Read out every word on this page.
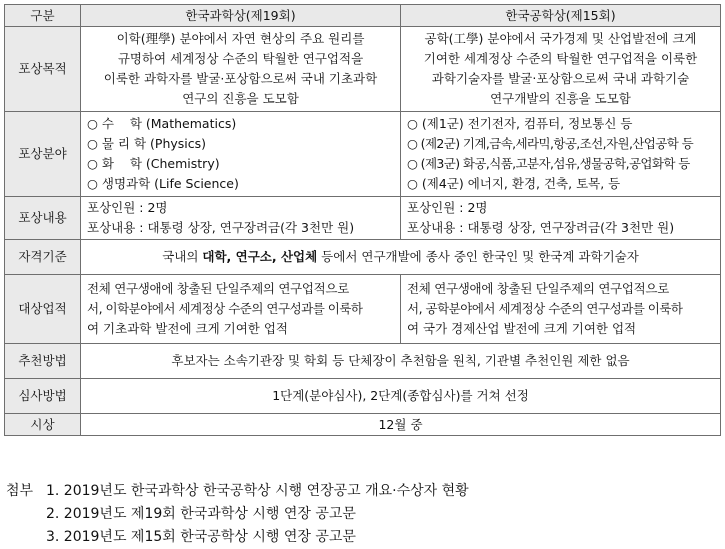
구분	한국과학상(제19회)	한국공학상(제15회)
포상목적	이학(理學) 분야에서 자연 현상의 주요 원리를
규명하여 세계정상 수준의 탁월한 연구업적을
이룩한 과학자를 발굴·포상함으로써 국내 기초과학
연구의 진흥을 도모함	공학(工學) 분야에서 국가경제 및 산업발전에 크게
기여한 세계정상 수준의 탁월한 연구업적을 이룩한
과학기술자를 발굴‧포상함으로써 국내 과학기술
연구개발의 진흥을 도모함

포상분야	○ 수    학 (Mathematics)
○ 물 리 학 (Physics)
○ 화    학 (Chemistry)
○ 생명과학 (Life Science)	○ (제1군) 전기전자, 컴퓨터, 정보통신 등
○ (제2군) 기계,금속,세라믹,항공,조선,자원,산업공학 등
○ (제3군) 화공,식품,고분자,섬유,생물공학,공업화학 등
○ (제4군) 에너지, 환경, 건축, 토목, 등

포상내용	포상인원 : 2명
포상내용 : 대통령 상장, 연구장려금(각 3천만 원)	포상인원 : 2명
포상내용 : 대통령 상장, 연구장려금(각 3천만 원)

자격기준	국내의 대학, 연구소, 산업체 등에서 연구개발에 종사 중인 한국인 및 한국계 과학기술자	
대상업적	전체 연구생애에 창출된 단일주제의 연구업적으로
서, 이학분야에서 세계정상 수준의 연구성과를 이룩하
여 기초과학 발전에 크게 기여한 업적	전체 연구생애에 창출된 단일주제의 연구업적으로
서, 공학분야에서 세계정상 수준의 연구성과를 이룩하
여 국가 경제산업 발전에 크게 기여한 업적

추천방법	후보자는 소속기관장 및 학회 등 단체장이 추천함을 원칙, 기관별 추천인원 제한 없음	
심사방법	1단계(분야심사), 2단계(종합심사)를 거쳐 선정	
시상	12월 중	
첨부 1. 2019년도 한국과학상 한국공학상 시행 연장공고 개요·수상자 현황
2. 2019년도 제19회 한국과학상 시행 연장 공고문
3. 2019년도 제15회 한국공학상 시행 연장 공고문
